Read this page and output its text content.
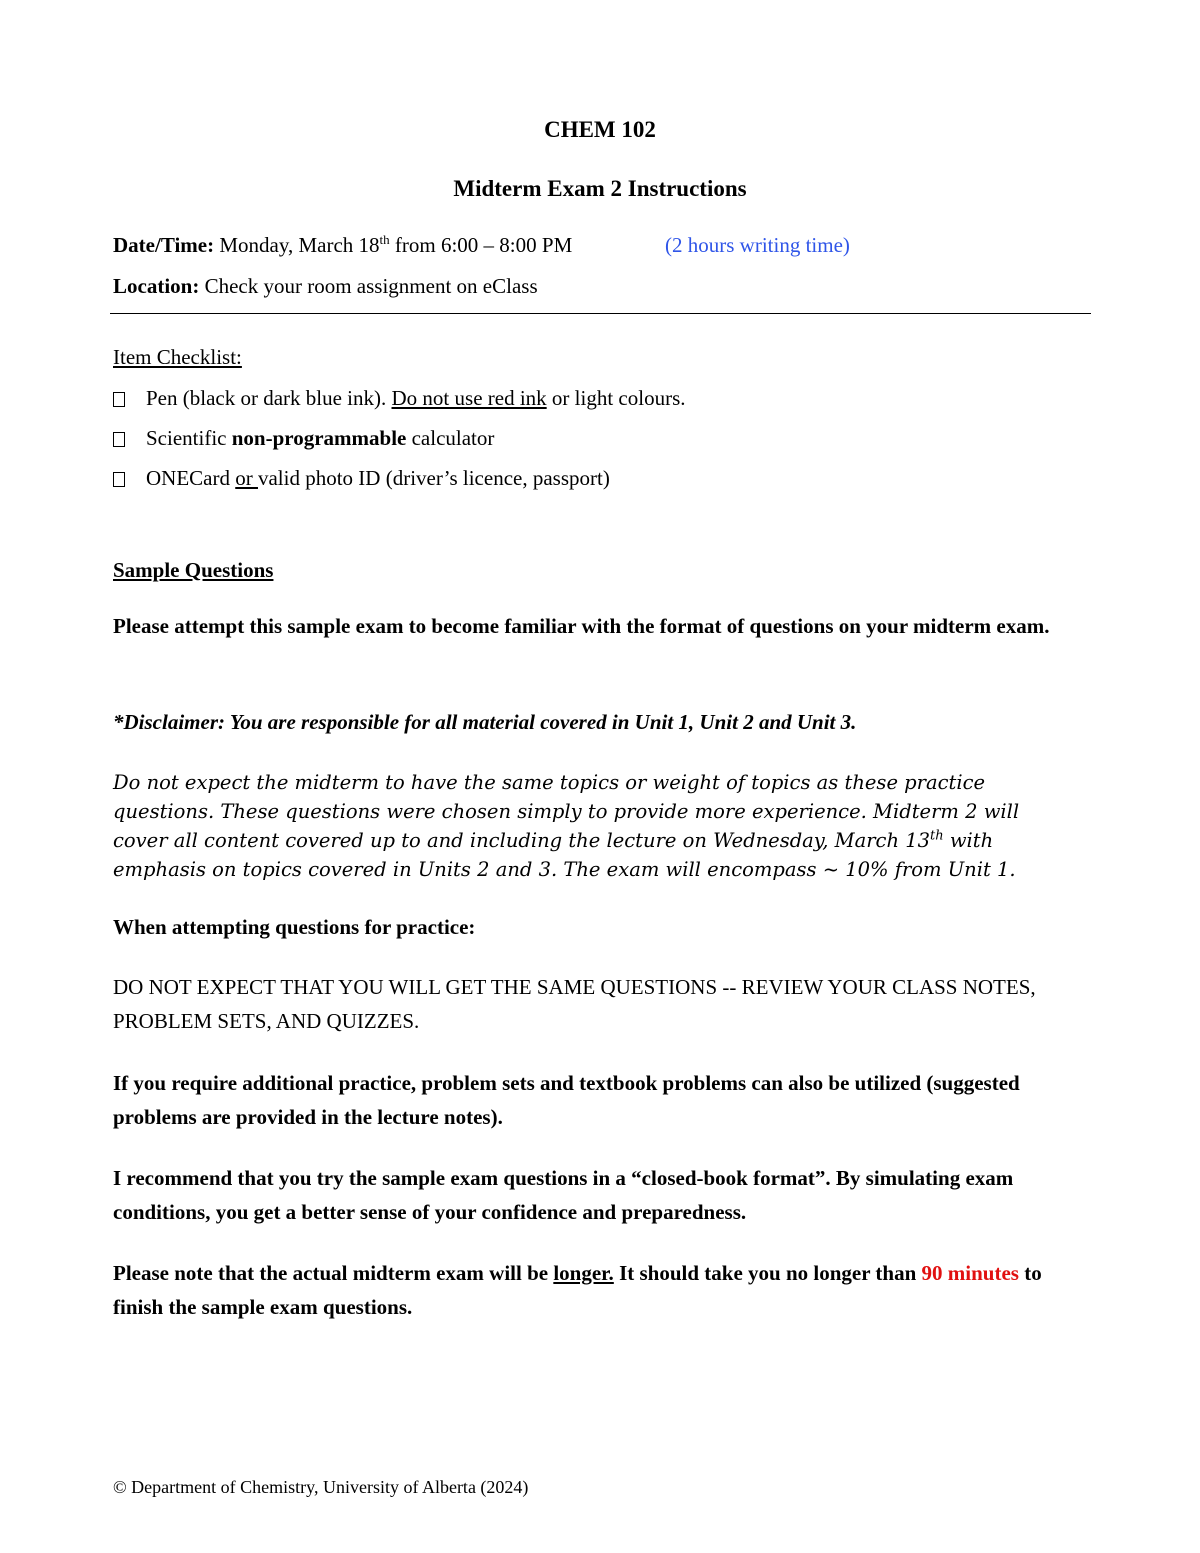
CHEM 102
Midterm Exam 2 Instructions
Date/Time: Monday, March 18th from 6:00 – 8:00 PM	(2 hours writing time)
Location: Check your room assignment on eClass
Item Checklist:
Pen (black or dark blue ink). Do not use red ink or light colours.
Scientific non-programmable calculator
ONECard or valid photo ID (driver’s licence, passport)
Sample Questions
Please attempt this sample exam to become familiar with the format of questions on your midterm exam.
*Disclaimer: You are responsible for all material covered in Unit 1, Unit 2 and Unit 3.
Do not expect the midterm to have the same topics or weight of topics as these practice questions. These questions were chosen simply to provide more experience. Midterm 2 will cover all content covered up to and including the lecture on Wednesday, March 13th with emphasis on topics covered in Units 2 and 3. The exam will encompass ~ 10% from Unit 1.
When attempting questions for practice:
DO NOT EXPECT THAT YOU WILL GET THE SAME QUESTIONS -- REVIEW YOUR CLASS NOTES, PROBLEM SETS, AND QUIZZES.
If you require additional practice, problem sets and textbook problems can also be utilized (suggested problems are provided in the lecture notes).
I recommend that you try the sample exam questions in a “closed-book format”. By simulating exam conditions, you get a better sense of your confidence and preparedness.
Please note that the actual midterm exam will be longer. It should take you no longer than 90 minutes to finish the sample exam questions.
© Department of Chemistry, University of Alberta (2024)
